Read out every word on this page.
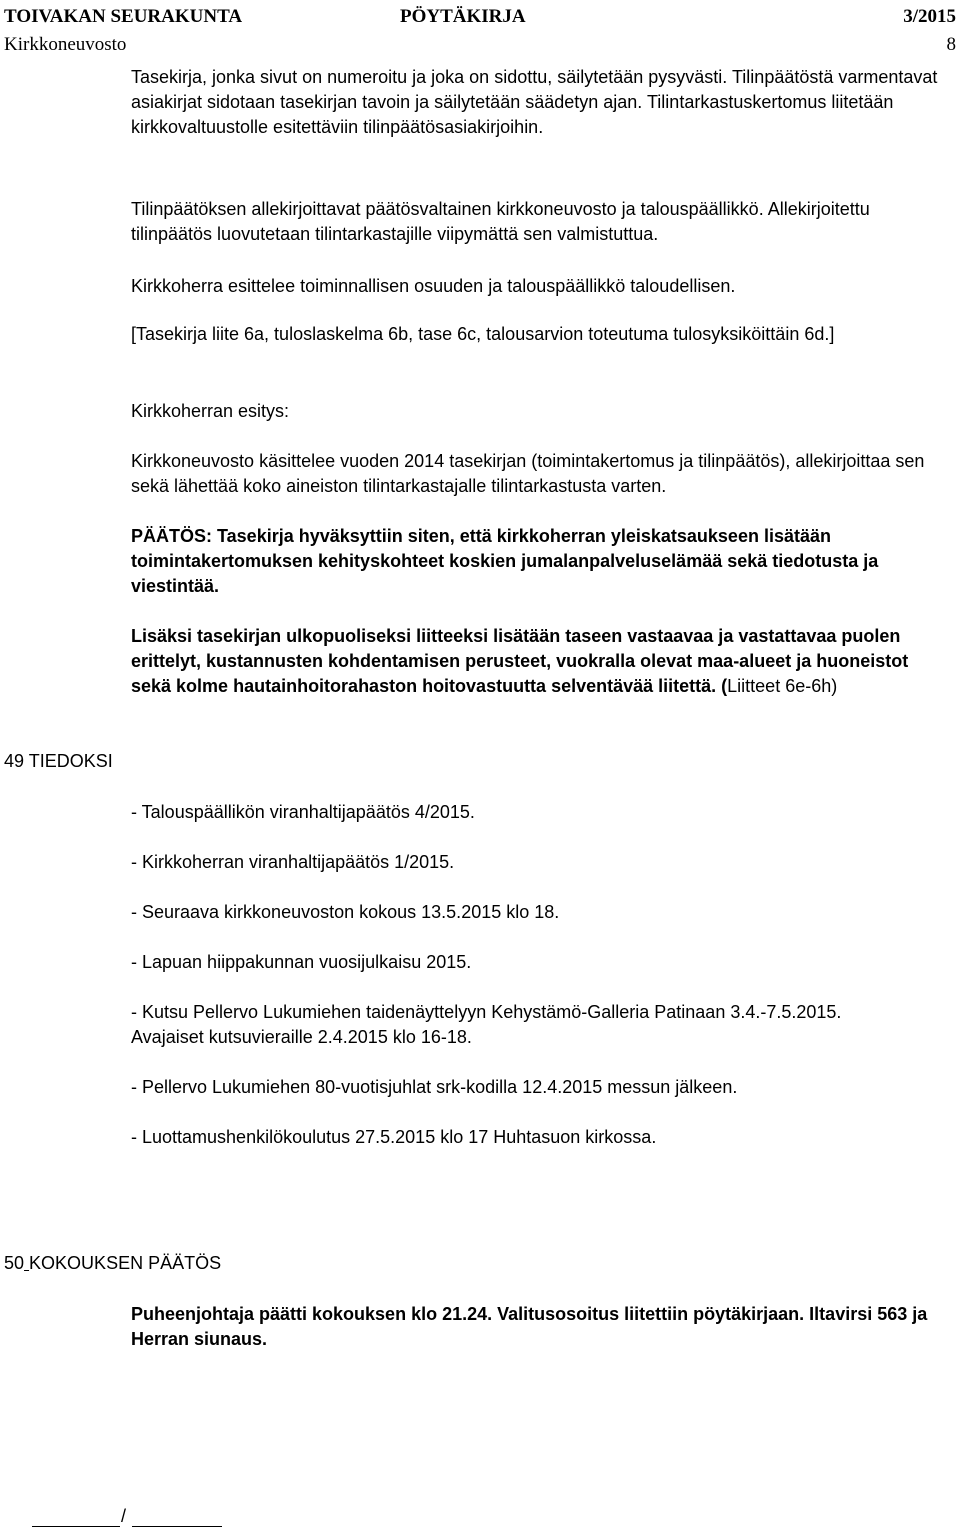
TOIVAKAN SEURAKUNTA	PÖYTÄKIRJA	3/2015
Kirkkoneuvosto	8

Tasekirja, jonka sivut on numeroitu ja joka on sidottu, säilytetään pysyvästi. Tilinpäätöstä varmentavat asiakirjat sidotaan tasekirjan tavoin ja säilytetään säädetyn ajan. Tilintarkastuskertomus liitetään kirkkovaltuustolle esitettäviin tilinpäätösasiakirjoihin.

Tilinpäätöksen allekirjoittavat päätösvaltainen kirkkoneuvosto ja talouspäällikkö. Allekirjoitettu tilinpäätös luovutetaan tilintarkastajille viipymättä sen valmistuttua.

Kirkkoherra esittelee toiminnallisen osuuden ja talouspäällikkö taloudellisen.

[Tasekirja liite 6a, tuloslaskelma 6b, tase 6c, talousarvion toteutuma tulosyksiköittäin 6d.]

Kirkkoherran esitys:

Kirkkoneuvosto käsittelee vuoden 2014 tasekirjan (toimintakertomus ja tilinpäätös), allekirjoittaa sen sekä lähettää koko aineiston tilintarkastajalle tilintarkastusta varten.

PÄÄTÖS: Tasekirja hyväksyttiin siten, että kirkkoherran yleiskatsaukseen lisätään toimintakertomuksen kehityskohteet koskien jumalanpalveluselämää sekä tiedotusta ja viestintää.

Lisäksi tasekirjan ulkopuoliseksi liitteeksi lisätään taseen vastaavaa ja vastattavaa puolen erittelyt, kustannusten kohdentamisen perusteet, vuokralla olevat maa-alueet ja huoneistot sekä kolme hautainhoitorahaston hoitovastuutta selventävää liitettä. (Liitteet 6e-6h)

49 TIEDOKSI

- Talouspäällikön viranhaltijapäätös 4/2015.

- Kirkkoherran viranhaltijapäätös 1/2015.

- Seuraava kirkkoneuvoston kokous 13.5.2015 klo 18.

- Lapuan hiippakunnan vuosijulkaisu 2015.

- Kutsu Pellervo Lukumiehen taidenäyttelyyn Kehystämö-Galleria Patinaan 3.4.-7.5.2015. Avajaiset kutsuvieraille 2.4.2015 klo 16-18.

- Pellervo Lukumiehen 80-vuotisjuhlat srk-kodilla 12.4.2015 messun jälkeen.

- Luottamushenkilökoulutus 27.5.2015 klo 17 Huhtasuon kirkossa.

50 KOKOUKSEN PÄÄTÖS

Puheenjohtaja päätti kokouksen klo 21.24. Valitusosoitus liitettiin pöytäkirjaan. Iltavirsi 563 ja Herran siunaus.

/
